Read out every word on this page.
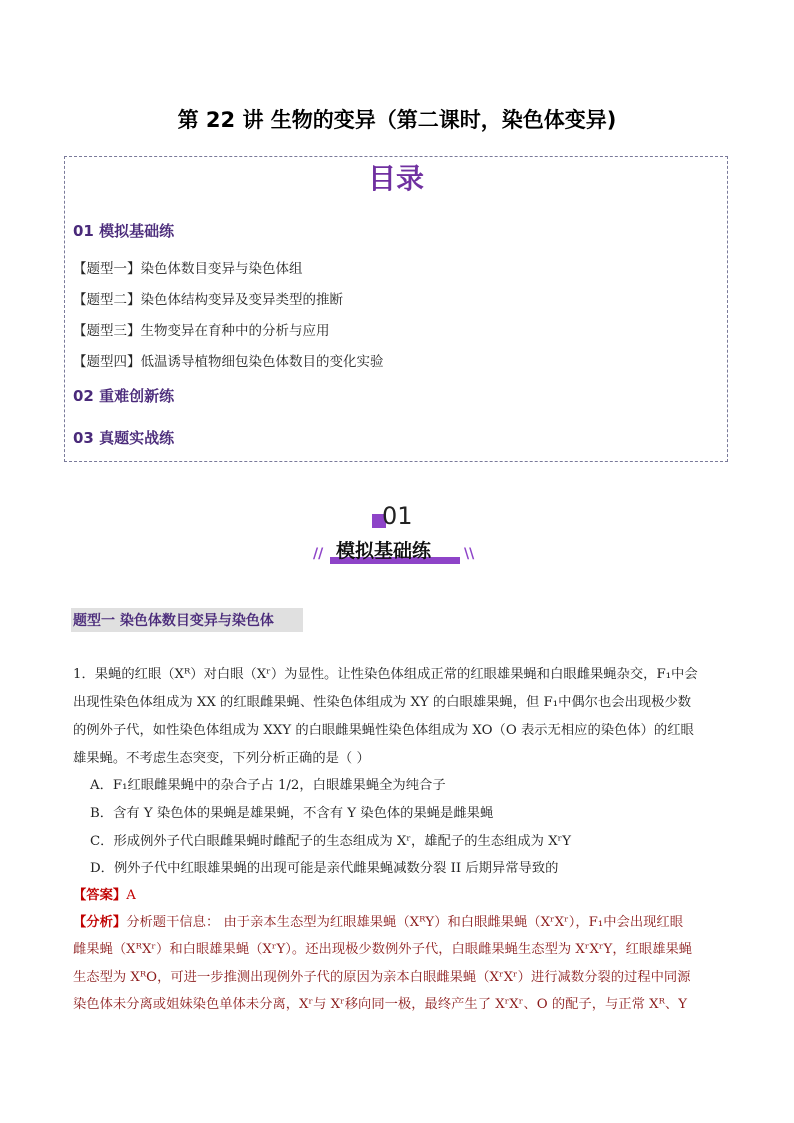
第 22 讲 生物的变异（第二课时，染色体变异)
目录
01 模拟基础练
【题型一】染色体数目变异与染色体组
【题型二】染色体结构变异及变异类型的推断
【题型三】生物变异在育种中的分析与应用
【题型四】低温诱导植物细包染色体数目的变化实验
02 重难创新练
03 真题实战练
01
// 模拟基础练 \\
题型一 染色体数目变异与染色体
1．果蝇的红眼（Xᴿ）对白眼（Xʳ）为显性。让性染色体组成正常的红眼雄果蝇和白眼雌果蝇杂交，F₁中会
出现性染色体组成为 XX 的红眼雌果蝇、性染色体组成为 XY 的白眼雄果蝇，但 F₁中偶尔也会出现极少数
的例外子代，如性染色体组成为 XXY 的白眼雌果蝇性染色体组成为 XO（O 表示无相应的染色体）的红眼
雄果蝇。不考虑生态突变，下列分析正确的是（ ）
A．F₁红眼雌果蝇中的杂合子占 1/2，白眼雄果蝇全为纯合子
B．含有 Y 染色体的果蝇是雄果蝇，不含有 Y 染色体的果蝇是雌果蝇
C．形成例外子代白眼雌果蝇时雌配子的生态组成为 Xʳ，雄配子的生态组成为 XʳY
D．例外子代中红眼雄果蝇的出现可能是亲代雌果蝇减数分裂 II 后期异常导致的
【答案】A
【分析】分析题干信息： 由于亲本生态型为红眼雄果蝇（XᴿY）和白眼雌果蝇（XʳXʳ），F₁中会出现红眼
雌果蝇（XᴿXʳ）和白眼雄果蝇（XʳY）。还出现极少数例外子代，白眼雌果蝇生态型为 XʳXʳY，红眼雄果蝇
生态型为 XᴿO，可进一步推测出现例外子代的原因为亲本白眼雌果蝇（XʳXʳ）进行减数分裂的过程中同源
染色体未分离或姐妹染色单体未分离，Xʳ与 Xʳ移向同一极，最终产生了 XʳXʳ、O 的配子，与正常 Xᴿ、Y
